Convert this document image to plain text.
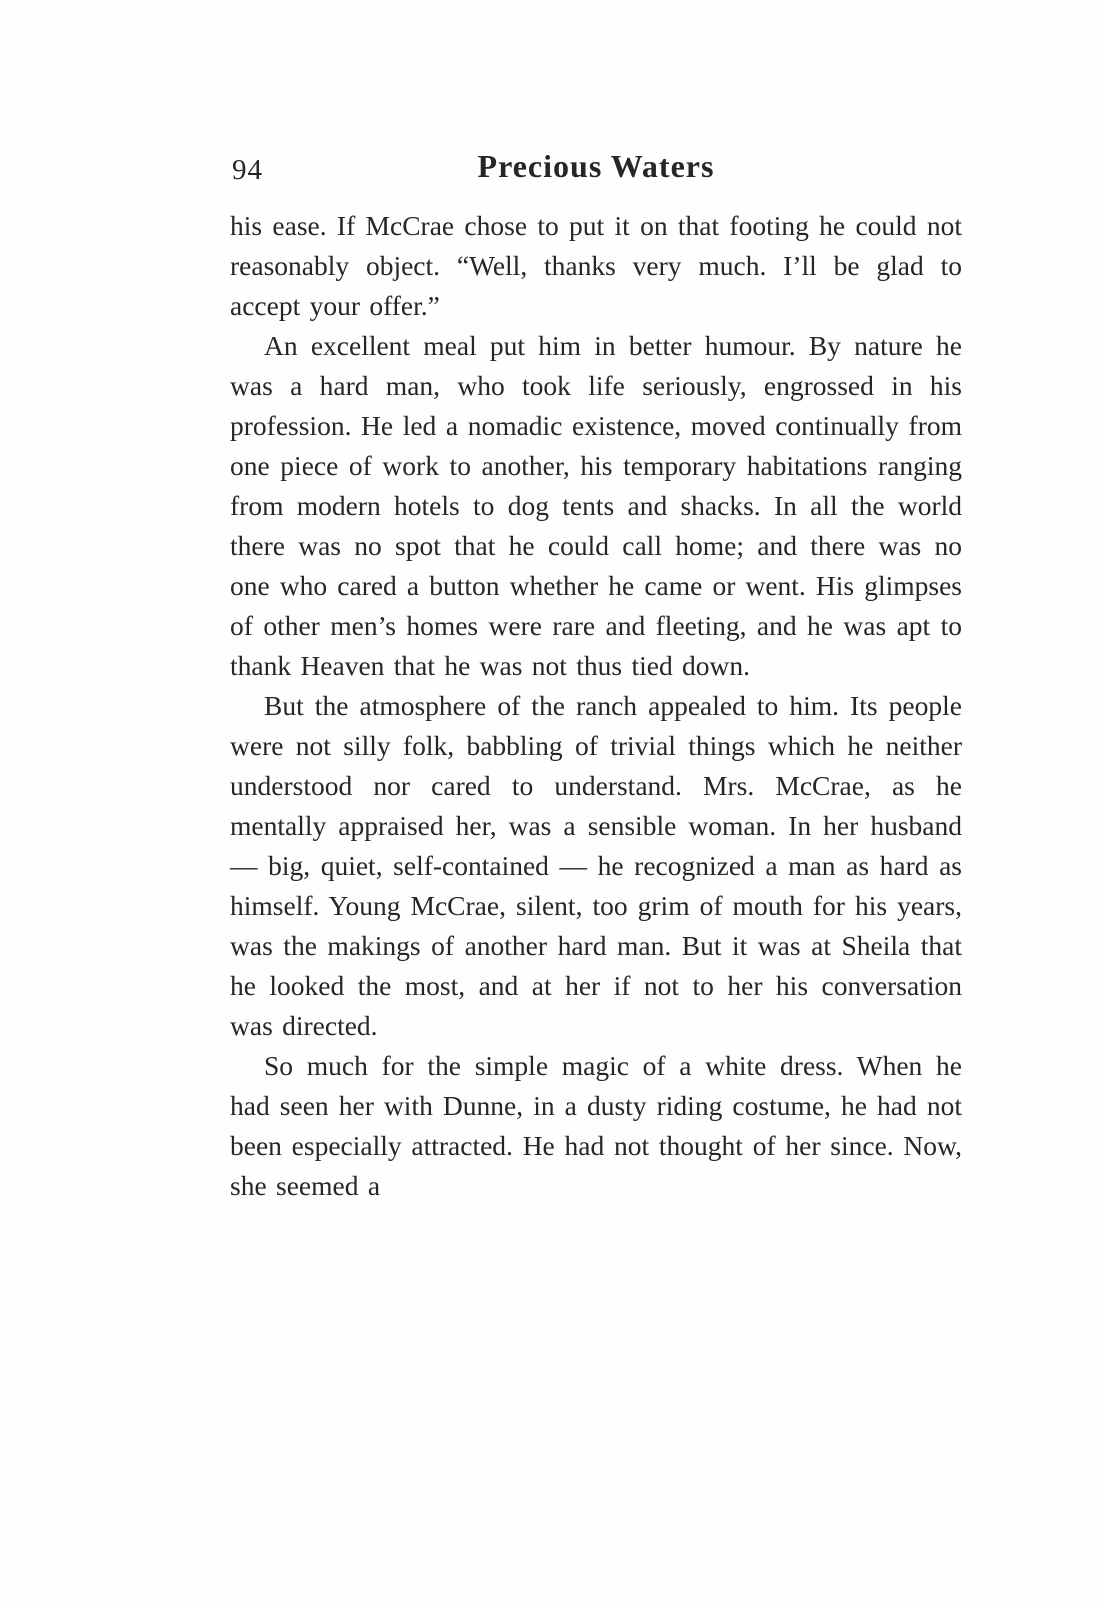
94	Precious Waters

his ease. If McCrae chose to put it on that footing he could not reasonably object. “Well, thanks very much. I’ll be glad to accept your offer.”

An excellent meal put him in better humour. By nature he was a hard man, who took life seriously, engrossed in his profession. He led a nomadic existence, moved continually from one piece of work to another, his temporary habitations ranging from modern hotels to dog tents and shacks. In all the world there was no spot that he could call home; and there was no one who cared a button whether he came or went. His glimpses of other men’s homes were rare and fleeting, and he was apt to thank Heaven that he was not thus tied down.

But the atmosphere of the ranch appealed to him. Its people were not silly folk, babbling of trivial things which he neither understood nor cared to understand. Mrs. McCrae, as he mentally appraised her, was a sensible woman. In her husband — big, quiet, self-contained — he recognized a man as hard as himself. Young McCrae, silent, too grim of mouth for his years, was the makings of another hard man. But it was at Sheila that he looked the most, and at her if not to her his conversation was directed.

So much for the simple magic of a white dress. When he had seen her with Dunne, in a dusty riding costume, he had not been especially attracted. He had not thought of her since. Now, she seemed a
